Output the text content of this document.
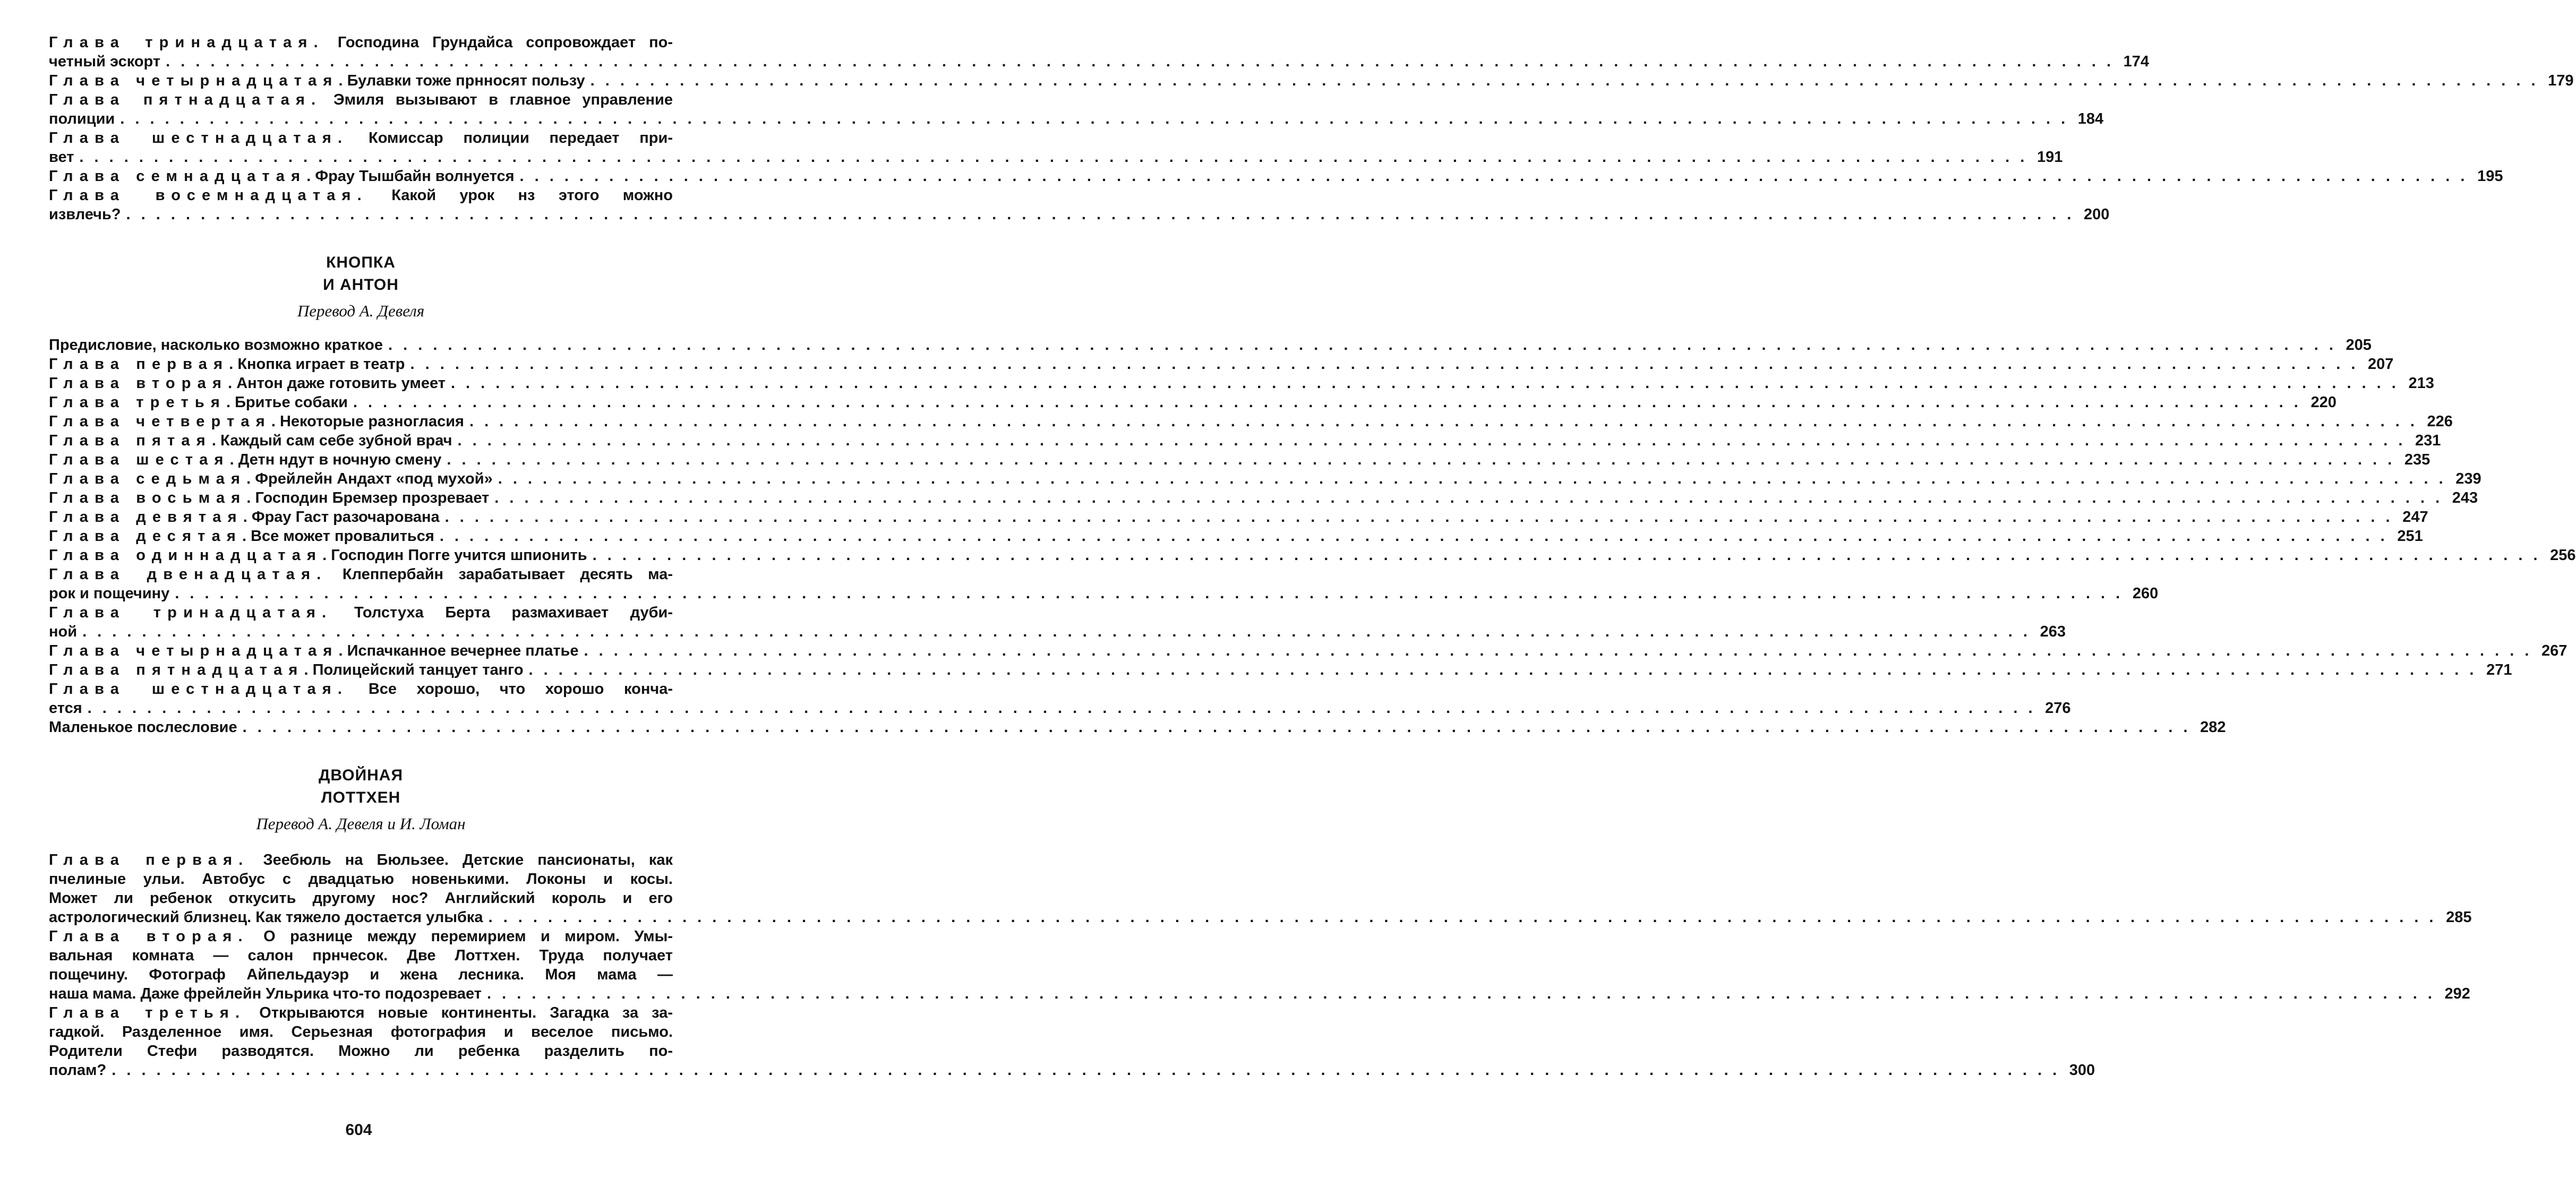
Глава тринадцатая. Господина Грундайса сопровождает по-
четный эскорт . . .	174
Глава четырнадцатая. Булавки тоже прнносят пользу . . .	179
Глава пятнадцатая. Эмиля вызывают в главное управление
полиции . . .	184
Глава шестнадцатая. Комиссар полиции передает при-
вет . . .	191
Глава семнадцатая. Фрау Тышбайн волнуется . . .	195
Глава восемнадцатая. Какой урок нз этого можно
извлечь? . . .	200
КНОПКА
И АНТОН
Перевод А. Девеля
Предисловие, насколько возможно краткое . . .	205
Глава первая. Кнопка играет в театр . . .	207
Глава вторая. Антон даже готовить умеет . . .	213
Глава третья. Бритье собаки . . .	220
Глава четвертая. Некоторые разногласия . . .	226
Глава пятая. Каждый сам себе зубной врач . . .	231
Глава шестая. Детн ндут в ночную смену . . .	235
Глава седьмая. Фрейлейн Андахт «под мухой» . . .	239
Глава восьмая. Господин Бремзер прозревает . . .	243
Глава девятая. Фрау Гаст разочарована . . .	247
Глава десятая. Все может провалиться . . .	251
Глава одиннадцатая. Господин Погге учится шпионить . . .	256
Глава двенадцатая. Клеппербайн зарабатывает десять ма-
рок и пощечину . . .	260
Глава тринадцатая. Толстуха Берта размахивает дуби-
ной . . .	263
Глава четырнадцатая. Испачканное вечернее платье . . .	267
Глава пятнадцатая. Полицейский танцует танго . . .	271
Глава шестнадцатая. Все хорошо, что хорошо конча-
ется . . .	276
Маленькое послесловие . . .	282
ДВОЙНАЯ
ЛОТТХЕН
Перевод А. Девеля и И. Ломан
Глава первая. Зеебюль на Бюльзее. Детские пансионаты, как
пчелиные ульи. Автобус с двадцатью новенькими. Локоны и косы.
Может ли ребенок откусить другому нос? Английский король и его
астрологический близнец. Как тяжело достается улыбка . . .	285
Глава вторая. О разнице между перемирием и миром. Умы-
вальная комната — салон прнчесок. Две Лоттхен. Труда получает
пощечину. Фотограф Айпельдауэр и жена лесника. Моя мама —
наша мама. Даже фрейлейн Ульрика что-то подозревает . . .	292
Глава третья. Открываются новые континенты. Загадка за за-
гадкой. Разделенное имя. Серьезная фотография и веселое письмо.
Родители Стефи разводятся. Можно ли ребенка разделить по-
полам? . . .	300
604
